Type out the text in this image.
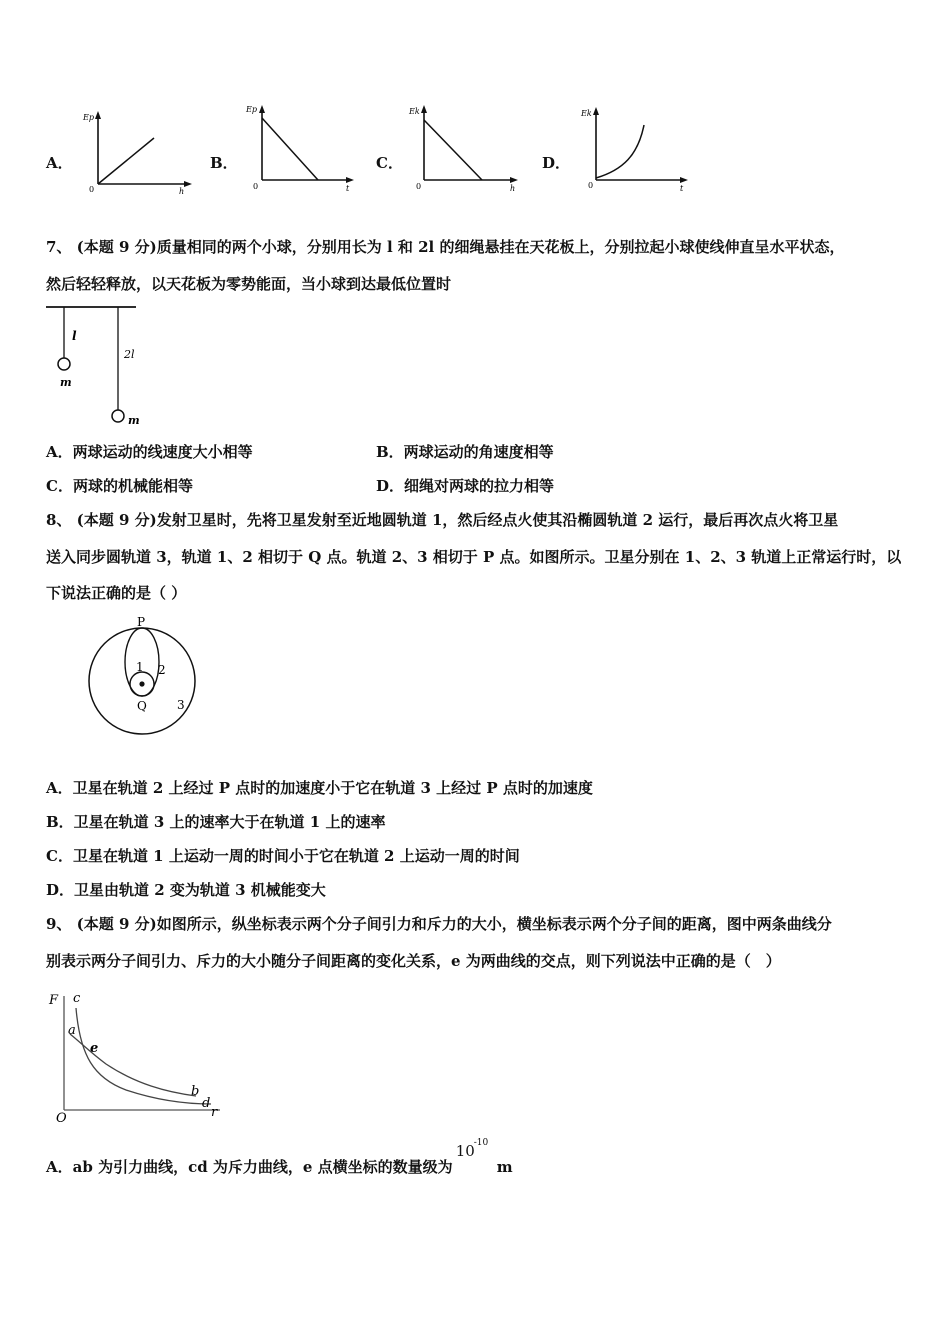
A．
Ep
h
0
B．
Ep
t
0
C．
Ek
h
0
D．
Ek
t
0
7、 (本题 9 分)质量相同的两个小球，分别用长为 l 和 2l 的细绳悬挂在天花板上，分别拉起小球使线伸直呈水平状态，
然后轻轻释放，以天花板为零势能面，当小球到达最低位置时
l
2l
m
m
A．两球运动的线速度大小相等	B．两球运动的角速度相等
C．两球的机械能相等	D．细绳对两球的拉力相等
8、 (本题 9 分)发射卫星时，先将卫星发射至近地圆轨道 1，然后经点火使其沿椭圆轨道 2 运行，最后再次点火将卫星
送入同步圆轨道 3，轨道 1、2 相切于 Q 点。轨道 2、3 相切于 P 点。如图所示。卫星分别在 1、2、3 轨道上正常运行时，以
下说法正确的是（ ）
P
Q
1 2
3
A．卫星在轨道 2 上经过 P 点时的加速度小于它在轨道 3 上经过 P 点时的加速度
B．卫星在轨道 3 上的速率大于在轨道 1 上的速率
C．卫星在轨道 1 上运动一周的时间小于它在轨道 2 上运动一周的时间
D．卫星由轨道 2 变为轨道 3 机械能变大
9、 (本题 9 分)如图所示，纵坐标表示两个分子间引力和斥力的大小，横坐标表示两个分子间的距离，图中两条曲线分
别表示两分子间引力、斥力的大小随分子间距离的变化关系，e 为两曲线的交点，则下列说法中正确的是（　）
F c
a
e
b
d
O	r
A．ab 为引力曲线，cd 为斥力曲线，e 点横坐标的数量级为
10
-10
m
